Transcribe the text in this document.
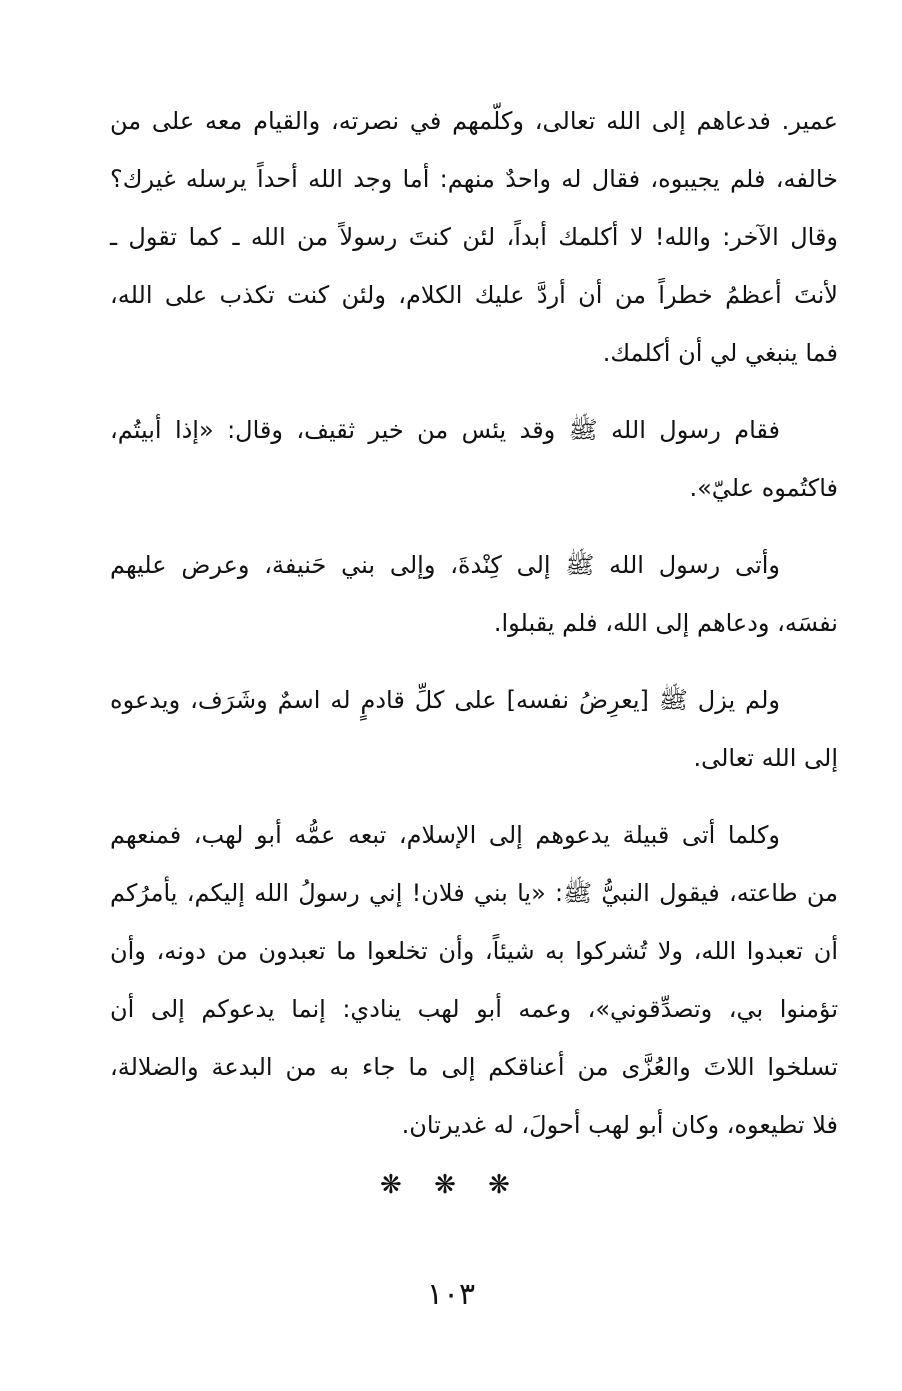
عمير. فدعاهم إلى الله تعالى، وكلّمهم في نصرته، والقيام معه على من
خالفه، فلم يجيبوه، فقال له واحدٌ منهم: أما وجد الله أحداً يرسله غيرك؟
وقال الآخر: والله! لا أكلمك أبداً، لئن كنتَ رسولاً من الله ـ كما تقول ـ
لأنتَ أعظمُ خطراً من أن أردَّ عليك الكلام، ولئن كنت تكذب على الله،
فما ينبغي لي أن أكلمك.
فقام رسول الله ﷺ وقد يئس من خير ثقيف، وقال: «إذا أبيتُم،
فاكتُموه عليّ».
وأتى رسول الله ﷺ إلى كِنْدةَ، وإلى بني حَنيفة، وعرض عليهم
نفسَه، ودعاهم إلى الله، فلم يقبلوا.
ولم يزل ﷺ [يعرِضُ نفسه] على كلِّ قادمٍ له اسمٌ وشَرَف، ويدعوه
إلى الله تعالى.
وكلما أتى قبيلة يدعوهم إلى الإسلام، تبعه عمُّه أبو لهب، فمنعهم
من طاعته، فيقول النبيُّ ﷺ: «يا بني فلان! إني رسولُ الله إليكم، يأمرُكم
أن تعبدوا الله، ولا تُشركوا به شيئاً، وأن تخلعوا ما تعبدون من دونه، وأن
تؤمنوا بي، وتصدِّقوني»، وعمه أبو لهب ينادي: إنما يدعوكم إلى أن
تسلخوا اللاتَ والعُزَّى من أعناقكم إلى ما جاء به من البدعة والضلالة،
فلا تطيعوه، وكان أبو لهب أحولَ، له غديرتان.
❋ ❋ ❋
١٠٣
